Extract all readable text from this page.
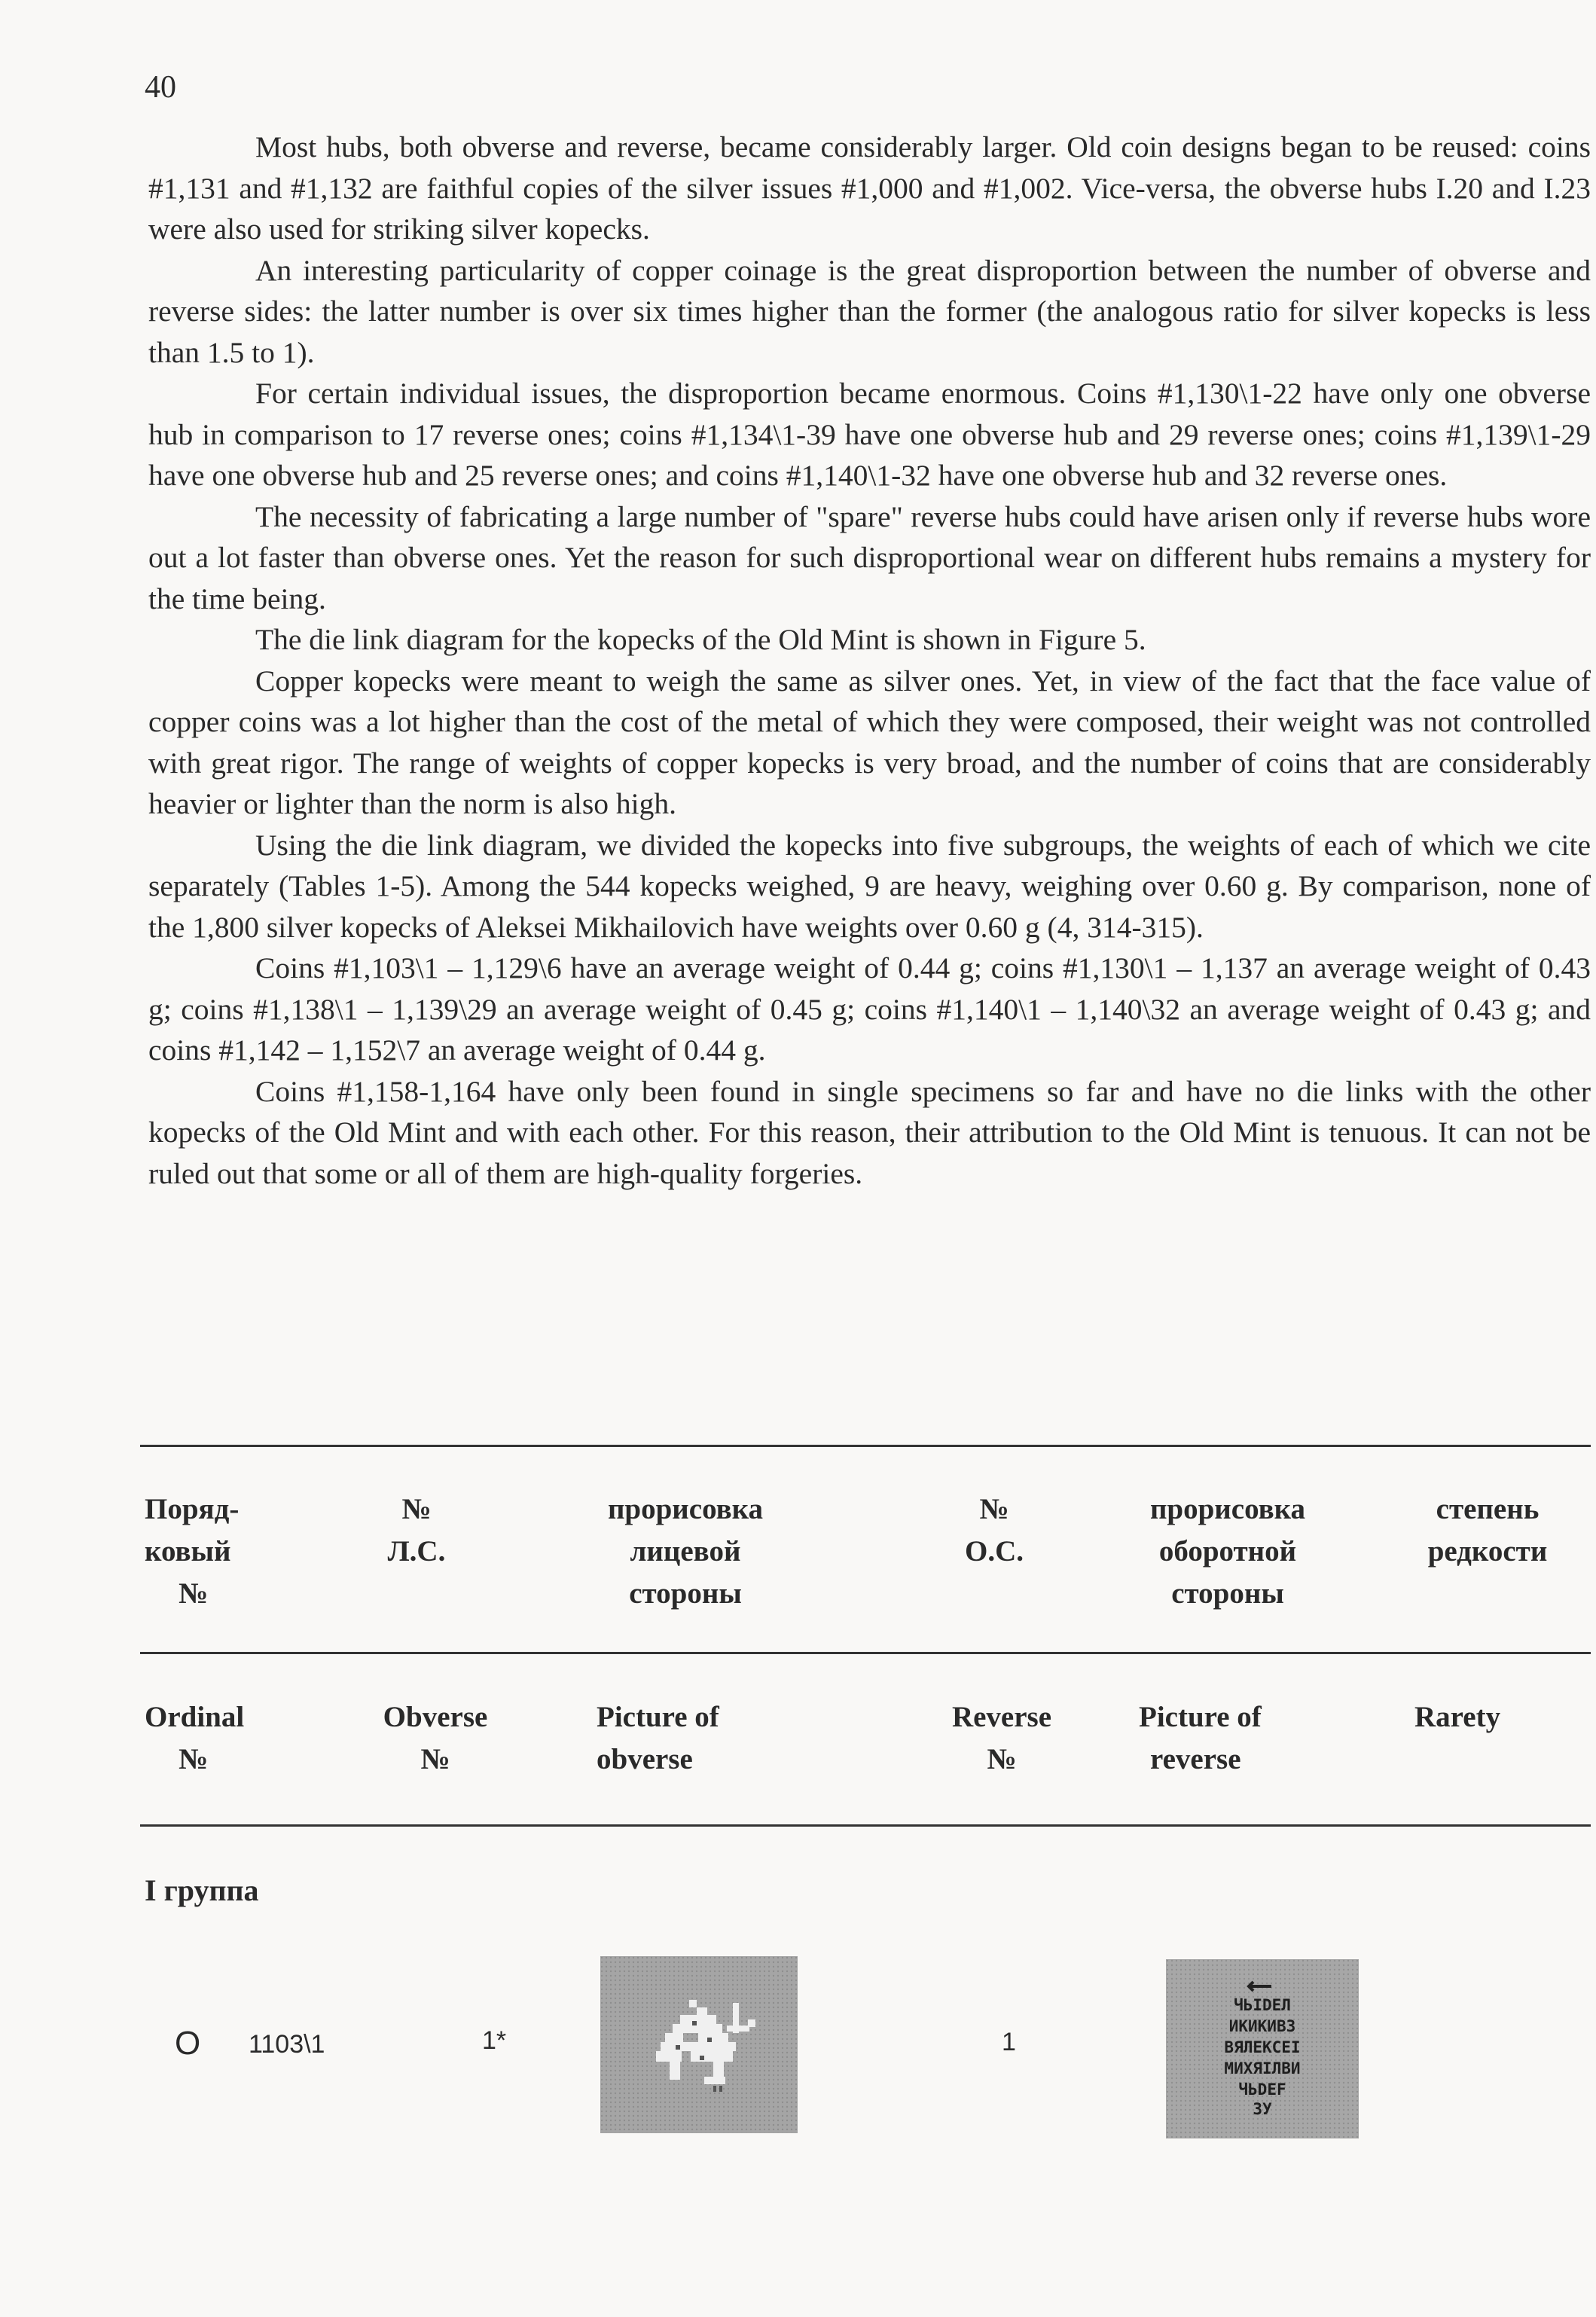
40

Most hubs, both obverse and reverse, became considerably larger. Old coin designs began to be reused: coins #1,131 and #1,132 are faithful copies of the silver issues #1,000 and #1,002. Vice-versa, the obverse hubs I.20 and I.23 were also used for striking silver kopecks.

An interesting particularity of copper coinage is the great disproportion between the number of obverse and reverse sides: the latter number is over six times higher than the former (the analogous ratio for silver kopecks is less than 1.5 to 1).

For certain individual issues, the disproportion became enormous. Coins #1,130\1-22 have only one obverse hub in comparison to 17 reverse ones; coins #1,134\1-39 have one obverse hub and 29 reverse ones; coins #1,139\1-29 have one obverse hub and 25 reverse ones; and coins #1,140\1-32 have one obverse hub and 32 reverse ones.

The necessity of fabricating a large number of "spare" reverse hubs could have arisen only if reverse hubs wore out a lot faster than obverse ones. Yet the reason for such disproportional wear on different hubs remains a mystery for the time being.

The die link diagram for the kopecks of the Old Mint is shown in Figure 5.

Copper kopecks were meant to weigh the same as silver ones. Yet, in view of the fact that the face value of copper coins was a lot higher than the cost of the metal of which they were composed, their weight was not controlled with great rigor. The range of weights of copper kopecks is very broad, and the number of coins that are considerably heavier or lighter than the norm is also high.

Using the die link diagram, we divided the kopecks into five subgroups, the weights of each of which we cite separately (Tables 1-5). Among the 544 kopecks weighed, 9 are heavy, weighing over 0.60 g. By comparison, none of the 1,800 silver kopecks of Aleksei Mikhailovich have weights over 0.60 g (4, 314-315).

Coins #1,103\1 – 1,129\6 have an average weight of 0.44 g; coins #1,130\1 – 1,137 an average weight of 0.43 g; coins #1,138\1 – 1,139\29 an average weight of 0.45 g; coins #1,140\1 – 1,140\32 an average weight of 0.43 g; and coins #1,142 – 1,152\7 an average weight of 0.44 g.

Coins #1,158-1,164 have only been found in single specimens so far and have no die links with the other kopecks of the Old Mint and with each other. For this reason, their attribution to the Old Mint is tenuous. It can not be ruled out that some or all of them are high-quality forgeries.

Поряд-
ковый
№
№
Л.С.
прорисовка
лицевой
стороны
№
О.С.
прорисовка
оборотной
стороны
степень
редкости
Ordinal
№
Obverse
№
Picture of
obverse
Reverse
№
Picture of
reverse
Rarety
I группа
O 1103\1	1*	1
ЧЬІDЕЛ
ИКИКИВЗ
ВЯЛЕКСЕІ
МИХЯІЛВИ
ЧЬDЕF
ЗУ
